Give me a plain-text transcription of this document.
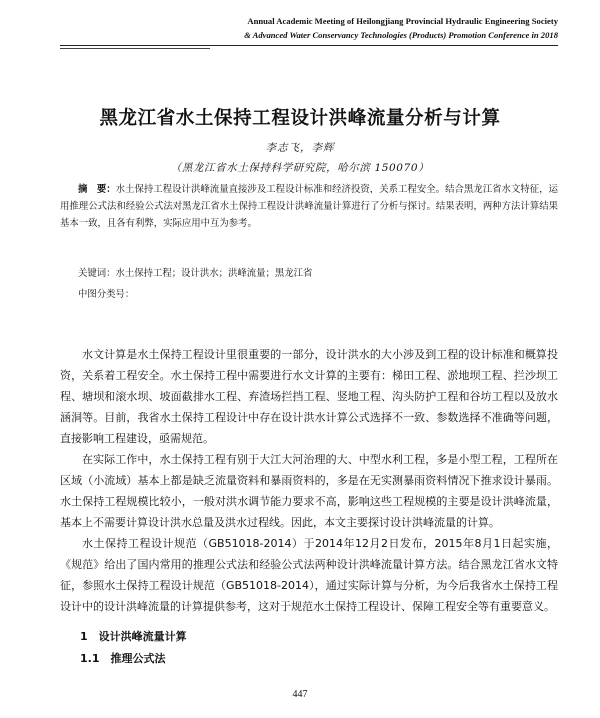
Annual Academic Meeting of Heilongjiang Provincial Hydraulic Engineering Society
& Advanced Water Conservancy Technologies (Products) Promotion Conference in 2018
黑龙江省水土保持工程设计洪峰流量分析与计算
李志飞，李辉
（黑龙江省水土保持科学研究院，哈尔滨 150070）
摘　要：水土保持工程设计洪峰流量直接涉及工程设计标准和经济投资，关系工程安全。结合黑龙江省水文特征，运用推理公式法和经验公式法对黑龙江省水土保持工程设计洪峰流量计算进行了分析与探讨。结果表明，两种方法计算结果基本一致，且各有利弊，实际应用中互为参考。
关键词：水土保持工程；设计洪水；洪峰流量；黑龙江省
中图分类号：

水文计算是水土保持工程设计里很重要的一部分，设计洪水的大小涉及到工程的设计标准和概算投资，关系着工程安全。水土保持工程中需要进行水文计算的主要有：梯田工程、淤地坝工程、拦沙坝工程、塘坝和滚水坝、坡面截排水工程、弃渣场拦挡工程、竖地工程、沟头防护工程和谷坊工程以及放水涵洞等。目前，我省水土保持工程设计中存在设计洪水计算公式选择不一致、参数选择不准确等问题，直接影响工程建设，亟需规范。

在实际工作中，水土保持工程有别于大江大河治理的大、中型水利工程，多是小型工程，工程所在区域（小流域）基本上都是缺乏流量资料和暴雨资料的，多是在无实测暴雨资料情况下推求设计暴雨。水土保持工程规模比较小，一般对洪水调节能力要求不高，影响这些工程规模的主要是设计洪峰流量，基本上不需要计算设计洪水总量及洪水过程线。因此，本文主要探讨设计洪峰流量的计算。

水土保持工程设计规范（GB51018-2014）于2014年12月2日发布，2015年8月1日起实施，《规范》给出了国内常用的推理公式法和经验公式法两种设计洪峰流量计算方法。结合黑龙江省水文特征，参照水土保持工程设计规范（GB51018-2014），通过实际计算与分析，为今后我省水土保持工程设计中的设计洪峰流量的计算提供参考，这对于规范水土保持工程设计、保障工程安全等有重要意义。

1　设计洪峰流量计算
1.1　推理公式法
447
